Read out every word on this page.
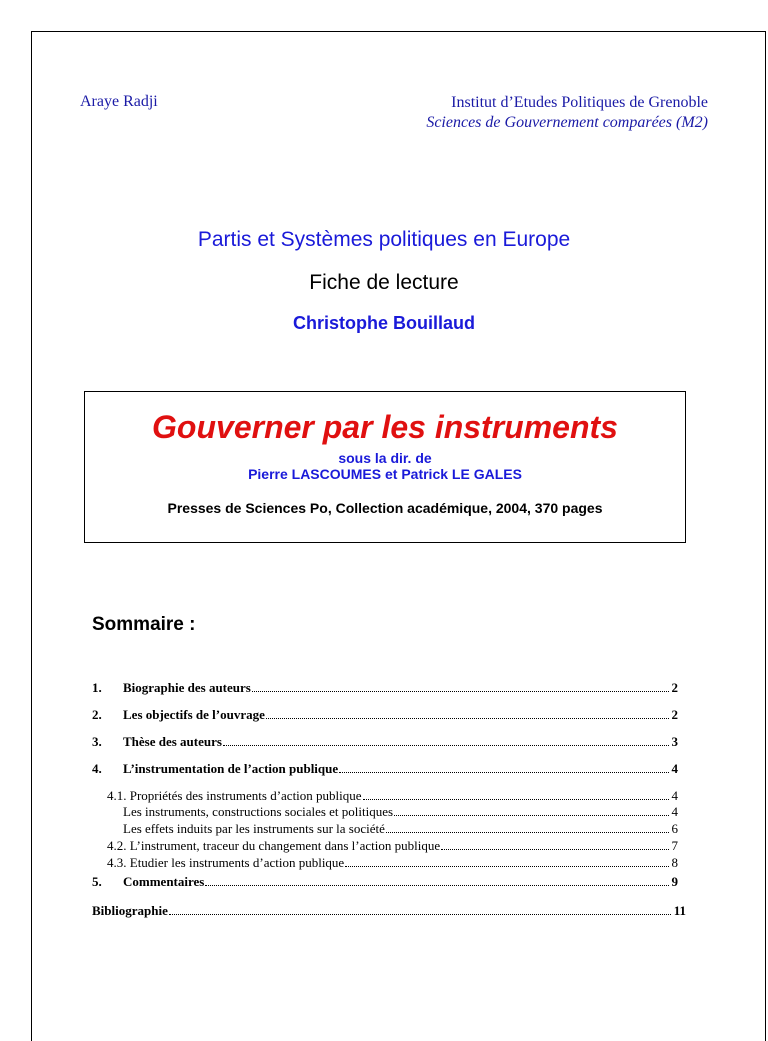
Araye Radji	Institut d’Etudes Politiques de Grenoble
Sciences de Gouvernement comparées (M2)
Partis et Systèmes politiques en Europe
Fiche de lecture
Christophe Bouillaud
Gouverner par les instruments
sous la dir. de
Pierre LASCOUMES et Patrick LE GALES
Presses de Sciences Po, Collection académique, 2004, 370 pages
Sommaire :
1.	Biographie des auteurs	2
2.	Les objectifs de l’ouvrage	2
3.	Thèse des auteurs	3
4.	L’instrumentation de l’action publique	4
4.1. Propriétés des instruments d’action publique	4
Les instruments, constructions sociales et politiques	4
Les effets induits par les instruments sur la société	6
4.2. L’instrument, traceur du changement dans l’action publique	7
4.3. Etudier les instruments d’action publique	8
5.	Commentaires	9
Bibliographie	11
